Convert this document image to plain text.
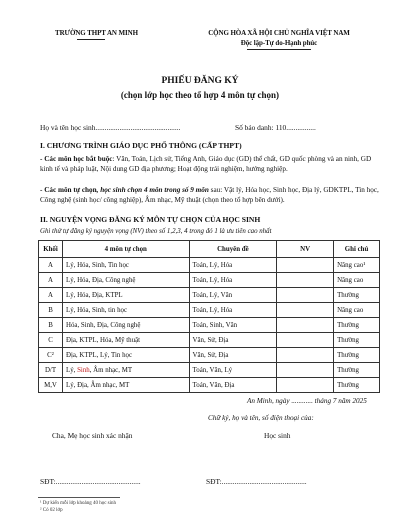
TRƯỜNG THPT AN MINH	CỘNG HÒA XÃ HỘI CHỦ NGHĨA VIỆT NAM
Độc lập-Tự do-Hạnh phúc
PHIẾU ĐĂNG KÝ
(chọn lớp học theo tổ hợp 4 môn tự chọn)
Họ và tên học sinh..............................................	Số báo danh: 110................
I. CHƯƠNG TRÌNH GIÁO DỤC PHỔ THÔNG (CẤP THPT)
- Các môn học bắt buộc: Văn, Toán, Lịch sử, Tiếng Anh, Giáo dục (GD) thể chất, GD quốc phòng và an ninh, GD kinh tế và pháp luật, Nội dung GD địa phương; Hoạt động trải nghiệm, hướng nghiệp.
- Các môn tự chọn, học sinh chọn 4 môn trong số 9 môn sau: Vật lý, Hóa học, Sinh học, Địa lý, GDKTPL, Tin học, Công nghệ (sinh học/ công nghiệp), Âm nhạc, Mỹ thuật (chọn theo tổ hợp bên dưới).
II. NGUYỆN VỌNG ĐĂNG KÝ MÔN TỰ CHỌN CỦA HỌC SINH
Ghi thứ tự đăng ký nguyện vọng (NV) theo số 1,2,3, 4 trong đó 1 là ưu tiên cao nhất
Khối	4 môn tự chọn	Chuyên đề	NV	Ghi chú
A	Lý, Hóa, Sinh, Tin học	Toán, Lý, Hóa		Nâng cao¹
A	Lý, Hóa, Địa, Công nghệ	Toán, Lý, Hóa		Nâng cao
A	Lý, Hóa, Địa, KTPL	Toán, Lý, Văn		Thường
B	Lý, Hóa, Sinh, tin học	Toán, Lý, Hóa		Nâng cao
B	Hóa, Sinh, Địa, Công nghệ	Toán, Sinh, Văn		Thường
C	Địa, KTPL, Hóa, Mỹ thuật	Văn, Sử, Địa		Thường
C²	Địa, KTPL, Lý, Tin học	Văn, Sử, Địa		Thường
D/T	Lý, Sinh, Âm nhạc, MT	Toán, Văn, Lý		Thường
M,V	Lý, Địa, Âm nhạc, MT	Toán, Văn, Địa		Thường
An Minh, ngày ............ tháng 7 năm 2025
Chữ ký, họ và tên, số điện thoại của:
Cha, Mẹ học sinh xác nhận	Học sinh
SĐT:..............................................	SĐT:..............................................
¹ Dự kiến mỗi lớp khoảng 40 học sinh
² Có 02 lớp
